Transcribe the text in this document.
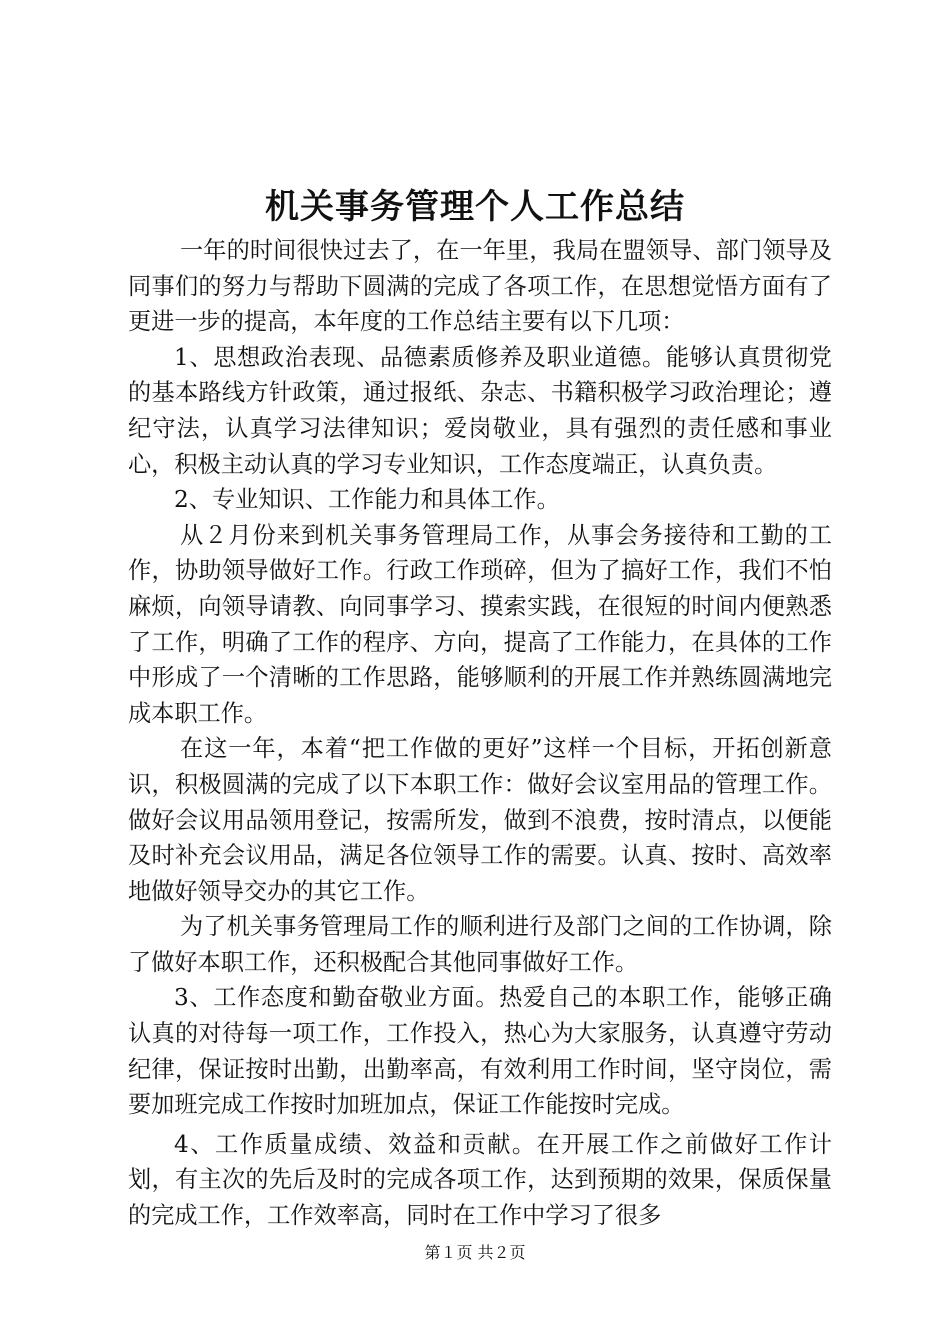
机关事务管理个人工作总结

一年的时间很快过去了，在一年里，我局在盟领导、部门领导及同事们的努力与帮助下圆满的完成了各项工作，在思想觉悟方面有了更进一步的提高，本年度的工作总结主要有以下几项：

1、思想政治表现、品德素质修养及职业道德。能够认真贯彻党的基本路线方针政策，通过报纸、杂志、书籍积极学习政治理论；遵纪守法，认真学习法律知识；爱岗敬业，具有强烈的责任感和事业心，积极主动认真的学习专业知识，工作态度端正，认真负责。

2、专业知识、工作能力和具体工作。

从２月份来到机关事务管理局工作，从事会务接待和工勤的工作，协助领导做好工作。行政工作琐碎，但为了搞好工作，我们不怕麻烦，向领导请教、向同事学习、摸索实践，在很短的时间内便熟悉了工作，明确了工作的程序、方向，提高了工作能力，在具体的工作中形成了一个清晰的工作思路，能够顺利的开展工作并熟练圆满地完成本职工作。

在这一年，本着“把工作做的更好”这样一个目标，开拓创新意识，积极圆满的完成了以下本职工作：做好会议室用品的管理工作。做好会议用品领用登记，按需所发，做到不浪费，按时清点，以便能及时补充会议用品，满足各位领导工作的需要。认真、按时、高效率地做好领导交办的其它工作。

为了机关事务管理局工作的顺利进行及部门之间的工作协调，除了做好本职工作，还积极配合其他同事做好工作。

3、工作态度和勤奋敬业方面。热爱自己的本职工作，能够正确认真的对待每一项工作，工作投入，热心为大家服务，认真遵守劳动纪律，保证按时出勤，出勤率高，有效利用工作时间，坚守岗位，需要加班完成工作按时加班加点，保证工作能按时完成。

4、工作质量成绩、效益和贡献。在开展工作之前做好工作计划，有主次的先后及时的完成各项工作，达到预期的效果，保质保量的完成工作，工作效率高，同时在工作中学习了很多

第１页 共２页
